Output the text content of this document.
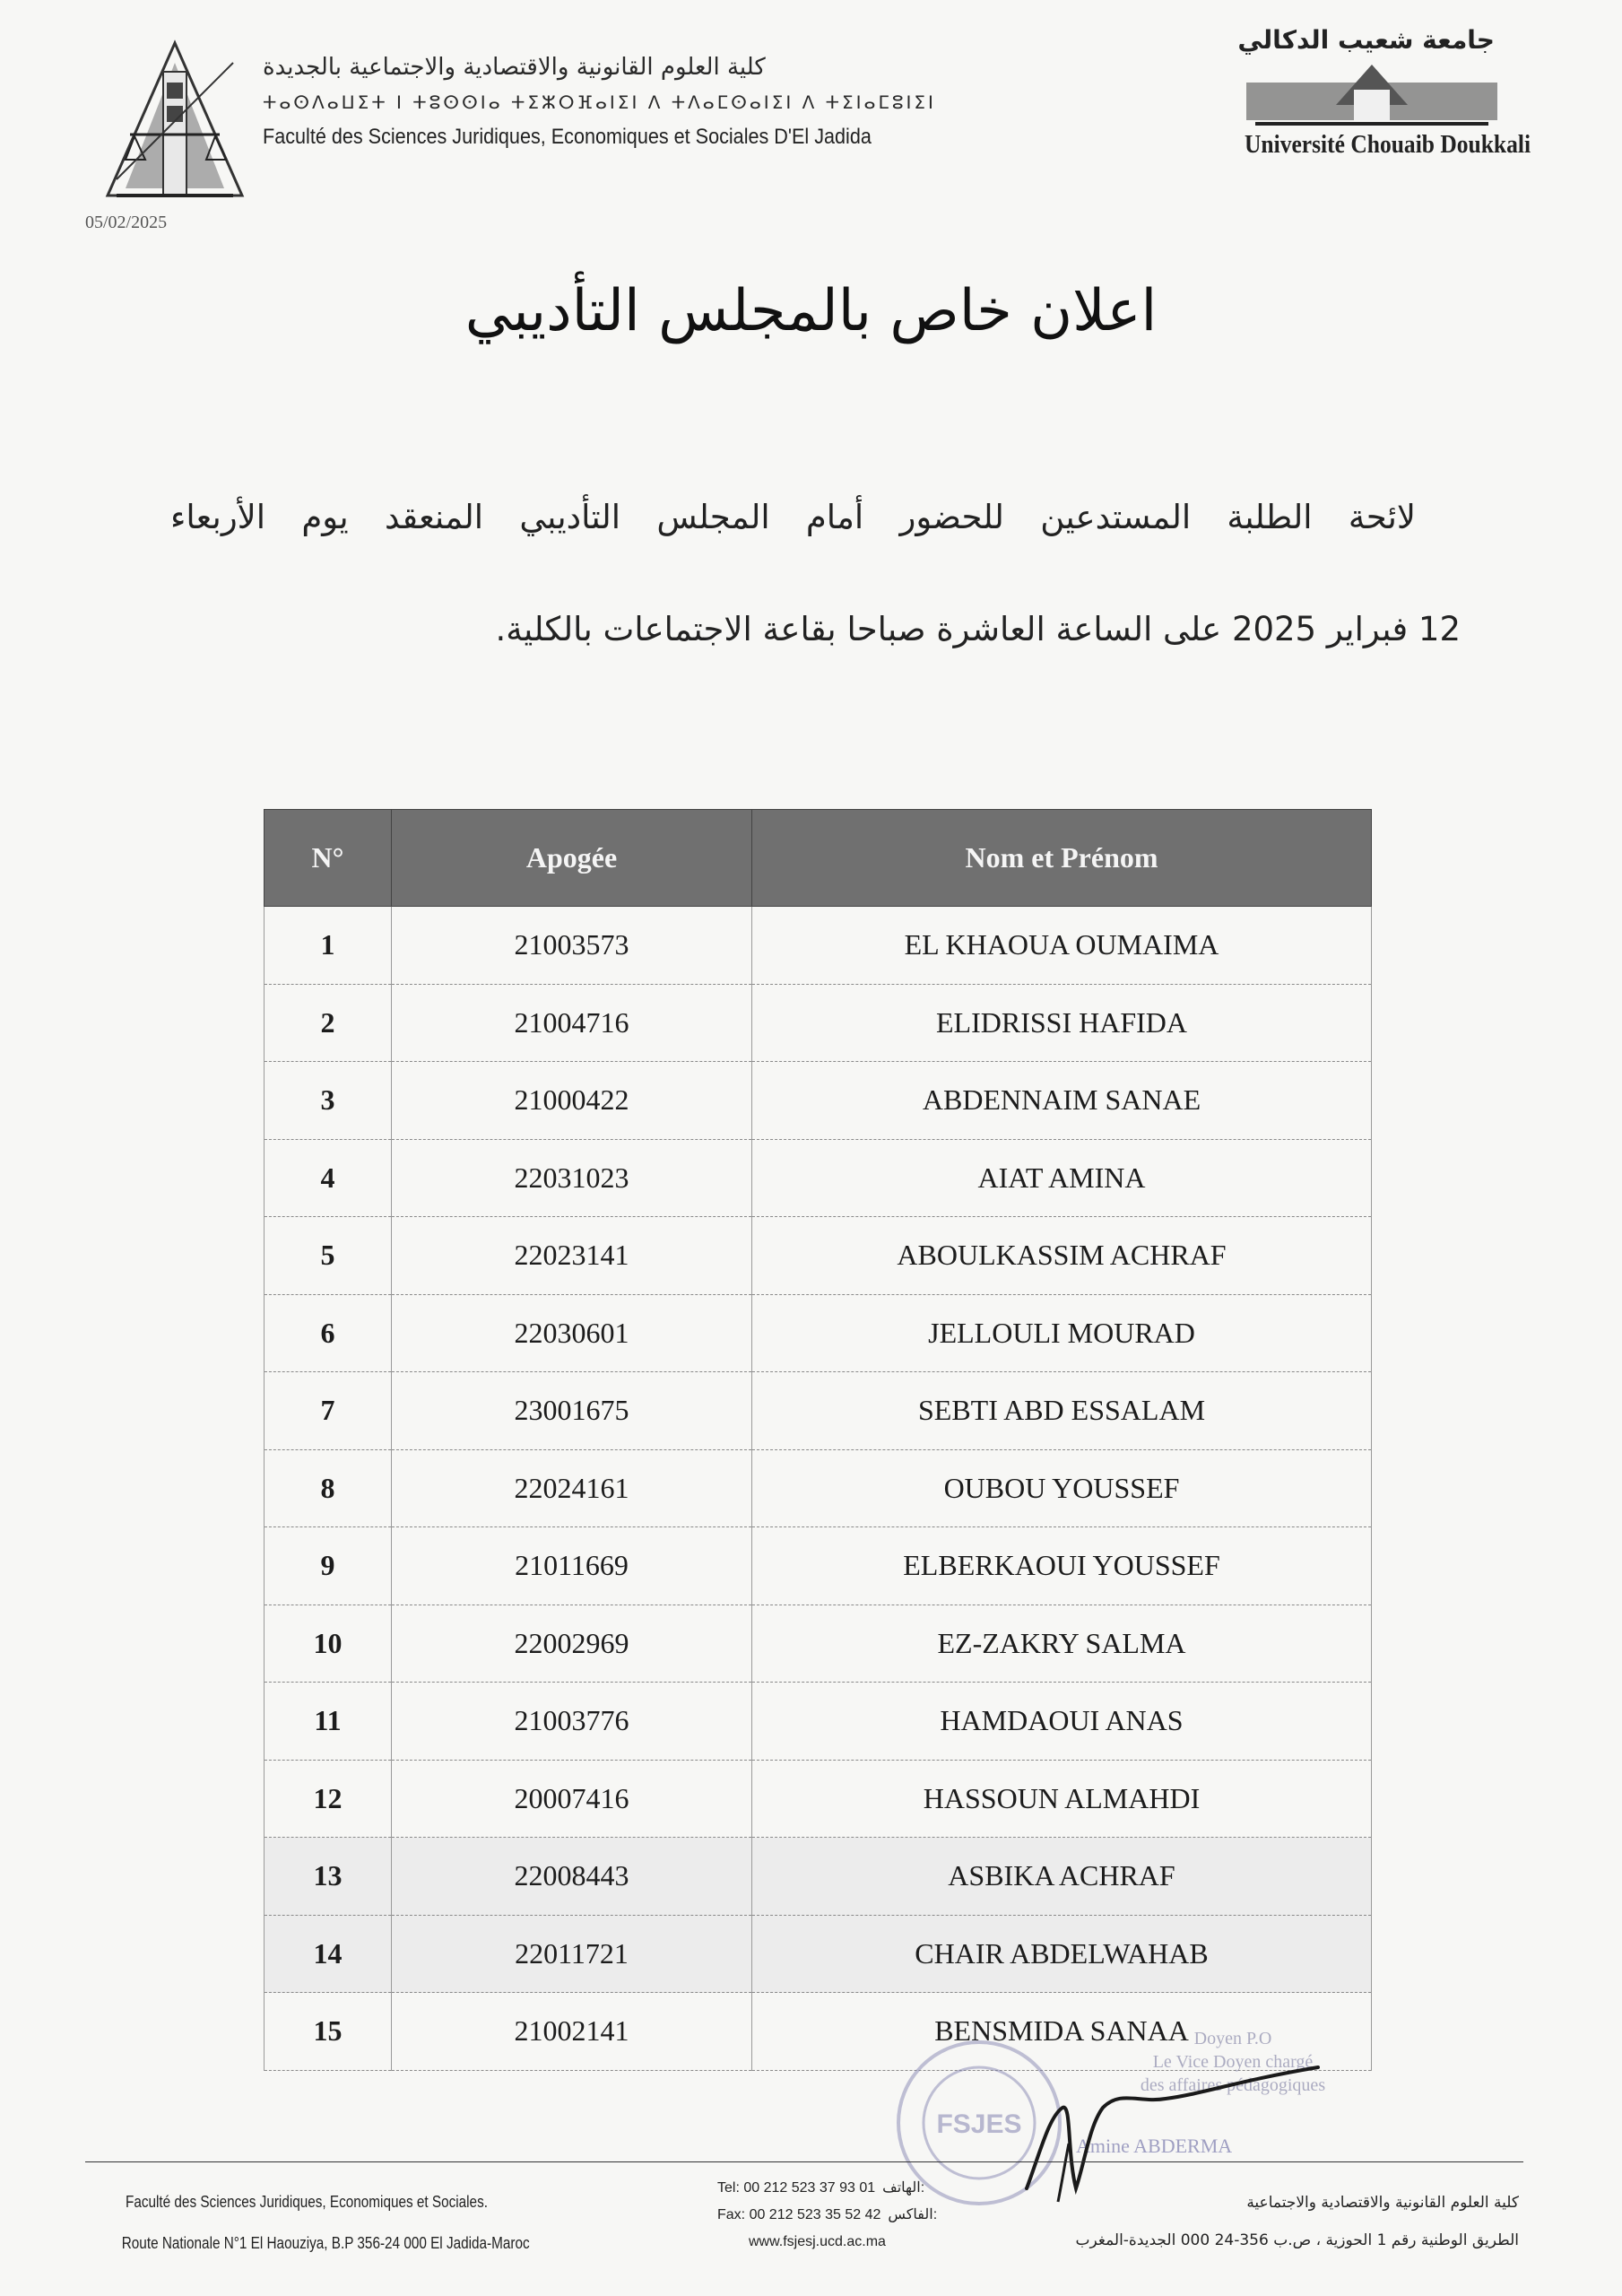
كلية العلوم القانونية والاقتصادية والاجتماعية بالجديدة
ⵜⴰⵙⴷⴰⵡⵉⵜ ⵏ ⵜⵓⵙⵙⵏⴰ ⵜⵉⵣⵔⴼⴰⵏⵉⵏ ⴷ ⵜⴷⴰⵎⵙⴰⵏⵉⵏ ⴷ ⵜⵉⵏⴰⵎⵓⵏⵉⵏ
Faculté des Sciences Juridiques, Economiques et Sociales D'El Jadida
05/02/2025
جامعة شعيب الدكالي
Université Chouaib Doukkali
اعلان خاص بالمجلس التأديبي
لائحة الطلبة المستدعين للحضور أمام المجلس التأديبي المنعقد يوم الأربعاء
12 فبراير 2025 على الساعة العاشرة صباحا بقاعة الاجتماعات بالكلية.
N°	Apogée	Nom et Prénom
1	21003573	EL KHAOUA OUMAIMA
2	21004716	ELIDRISSI HAFIDA
3	21000422	ABDENNAIM SANAE
4	22031023	AIAT AMINA
5	22023141	ABOULKASSIM ACHRAF
6	22030601	JELLOULI MOURAD
7	23001675	SEBTI ABD ESSALAM
8	22024161	OUBOU YOUSSEF
9	21011669	ELBERKAOUI YOUSSEF
10	22002969	EZ-ZAKRY SALMA
11	21003776	HAMDAOUI ANAS
12	20007416	HASSOUN ALMAHDI
13	22008443	ASBIKA ACHRAF
14	22011721	CHAIR ABDELWAHAB
15	21002141	BENSMIDA SANAA
FSJES
Doyen P.O
Le Vice Doyen chargé
des affaires pédagogiques
Amine ABDERMA
Faculté des Sciences Juridiques, Economiques et Sociales.
Route Nationale N°1 El Haouziya, B.P 356-24 000 El Jadida-Maroc
Tel: 00 212 523 37 93 01 الهاتف:
Fax: 00 212 523 35 52 42 الفاكس:
www.fsjesj.ucd.ac.ma
كلية العلوم القانونية والاقتصادية والاجتماعية
الطريق الوطنية رقم 1 الحوزية ، ص.ب 356-24 000 الجديدة-المغرب
